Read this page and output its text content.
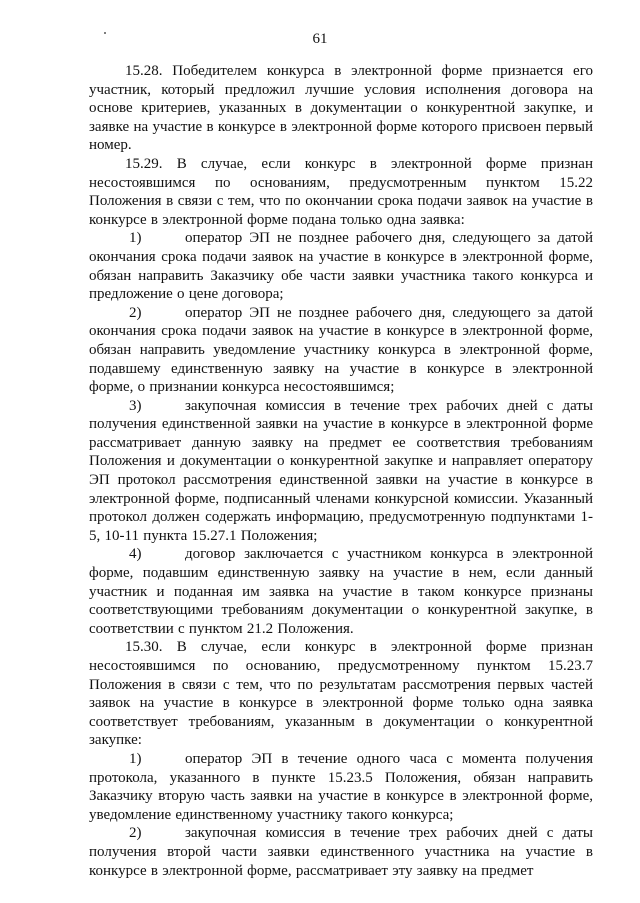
61

15.28. Победителем конкурса в электронной форме признается его участник, который предложил лучшие условия исполнения договора на основе критериев, указанных в документации о конкурентной закупке, и заявке на участие в конкурсе в электронной форме которого присвоен первый номер.

15.29. В случае, если конкурс в электронной форме признан несостоявшимся по основаниям, предусмотренным пунктом 15.22 Положения в связи с тем, что по окончании срока подачи заявок на участие в конкурсе в электронной форме подана только одна заявка:

1)	оператор ЭП не позднее рабочего дня, следующего за датой окончания срока подачи заявок на участие в конкурсе в электронной форме, обязан направить Заказчику обе части заявки участника такого конкурса и предложение о цене договора;

2)	оператор ЭП не позднее рабочего дня, следующего за датой окончания срока подачи заявок на участие в конкурсе в электронной форме, обязан направить уведомление участнику конкурса в электронной форме, подавшему единственную заявку на участие в конкурсе в электронной форме, о признании конкурса несостоявшимся;

3)	закупочная комиссия в течение трех рабочих дней с даты получения единственной заявки на участие в конкурсе в электронной форме рассматривает данную заявку на предмет ее соответствия требованиям Положения и документации о конкурентной закупке и направляет оператору ЭП протокол рассмотрения единственной заявки на участие в конкурсе в электронной форме, подписанный членами конкурсной комиссии. Указанный протокол должен содержать информацию, предусмотренную подпунктами 1-5, 10-11 пункта 15.27.1 Положения;

4)	договор заключается с участником конкурса в электронной форме, подавшим единственную заявку на участие в нем, если данный участник и поданная им заявка на участие в таком конкурсе признаны соответствующими требованиям документации о конкурентной закупке, в соответствии с пунктом 21.2 Положения.

15.30. В случае, если конкурс в электронной форме признан несостоявшимся по основанию, предусмотренному пунктом 15.23.7 Положения в связи с тем, что по результатам рассмотрения первых частей заявок на участие в конкурсе в электронной форме только одна заявка соответствует требованиям, указанным в документации о конкурентной закупке:

1)	оператор ЭП в течение одного часа с момента получения протокола, указанного в пункте 15.23.5 Положения, обязан направить Заказчику вторую часть заявки на участие в конкурсе в электронной форме, уведомление единственному участнику такого конкурса;

2)	закупочная комиссия в течение трех рабочих дней с даты получения второй части заявки единственного участника на участие в конкурсе в электронной форме, рассматривает эту заявку на предмет
